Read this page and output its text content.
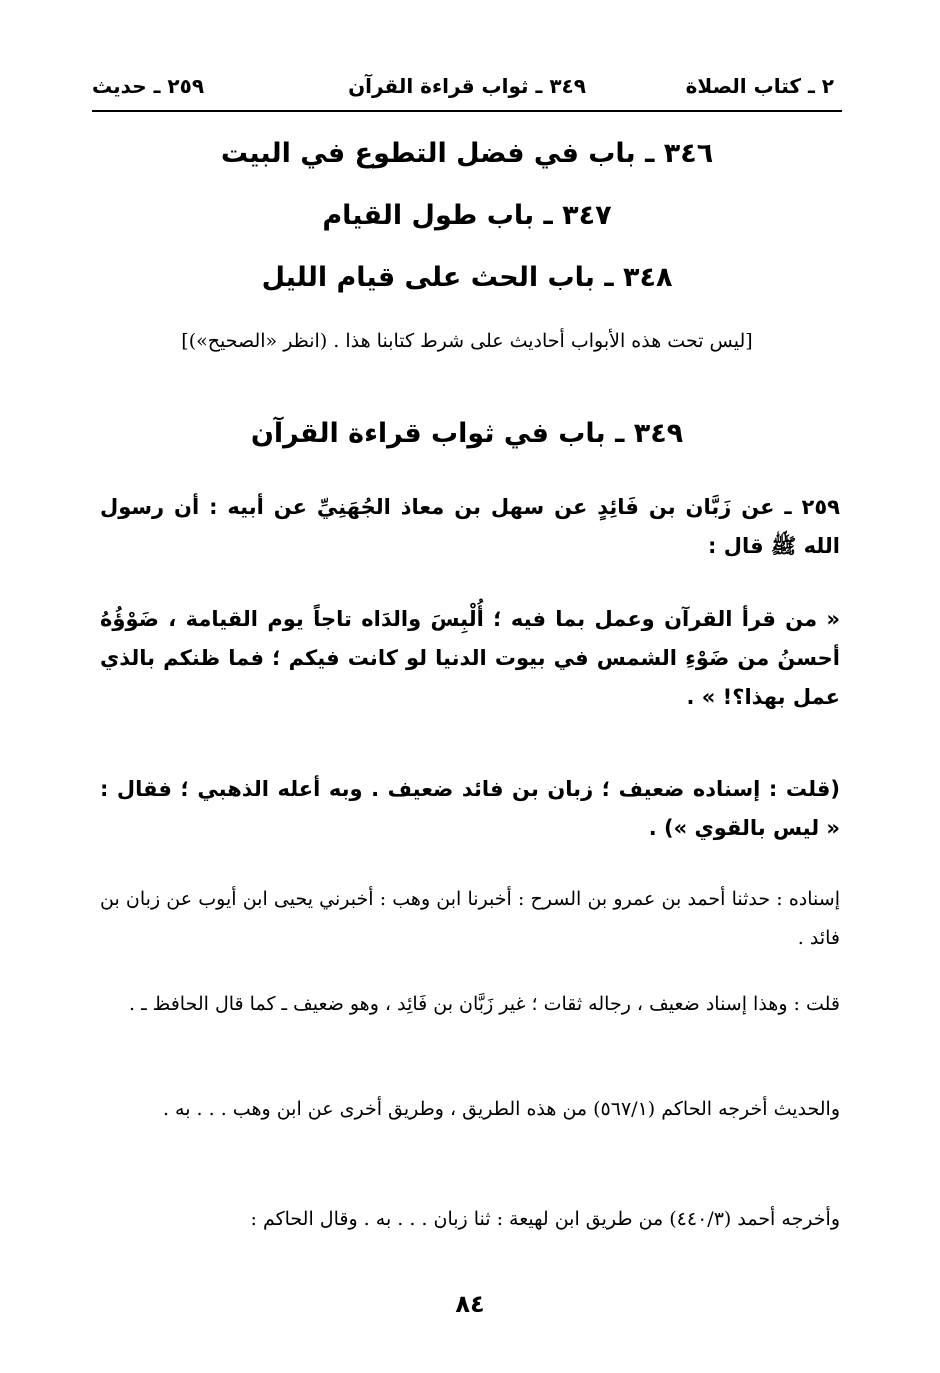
٢ ـ كتاب الصلاة
٣٤٩ ـ ثواب قراءة القرآن
٢٥٩ ـ حديث
٣٤٦ ـ باب في فضل التطوع في البيت
٣٤٧ ـ باب طول القيام
٣٤٨ ـ باب الحث على قيام الليل
[ليس تحت هذه الأبواب أحاديث على شرط كتابنا هذا . (انظر «الصحيح»)]
٣٤٩ ـ باب في ثواب قراءة القرآن
٢٥٩ ـ عن زَبَّان بن فَائِدٍ عن سهل بن معاذ الجُهَنِيِّ عن أبيه : أن رسول الله ﷺ قال :
« من قرأ القرآن وعمل بما فيه ؛ أُلْبِسَ والدَاه تاجاً يوم القيامة ، ضَوْؤُهُ أحسنُ من ضَوْءِ الشمس في بيوت الدنيا لو كانت فيكم ؛ فما ظنكم بالذي عمل بهذا؟! » .
(قلت : إسناده ضعيف ؛ زبان بن فائد ضعيف . وبه أعله الذهبي ؛ فقال : « ليس بالقوي ») .
إسناده : حدثنا أحمد بن عمرو بن السرح : أخبرنا ابن وهب : أخبرني يحيى ابن أيوب عن زبان بن فائد .
قلت : وهذا إسناد ضعيف ، رجاله ثقات ؛ غير زَبَّان بن فَائِد ، وهو ضعيف ـ كما قال الحافظ ـ .
والحديث أخرجه الحاكم (٥٦٧/١) من هذه الطريق ، وطريق أخرى عن ابن وهب . . . به .
وأخرجه أحمد (٤٤٠/٣) من طريق ابن لهيعة : ثنا زبان . . . به . وقال الحاكم :
٨٤
